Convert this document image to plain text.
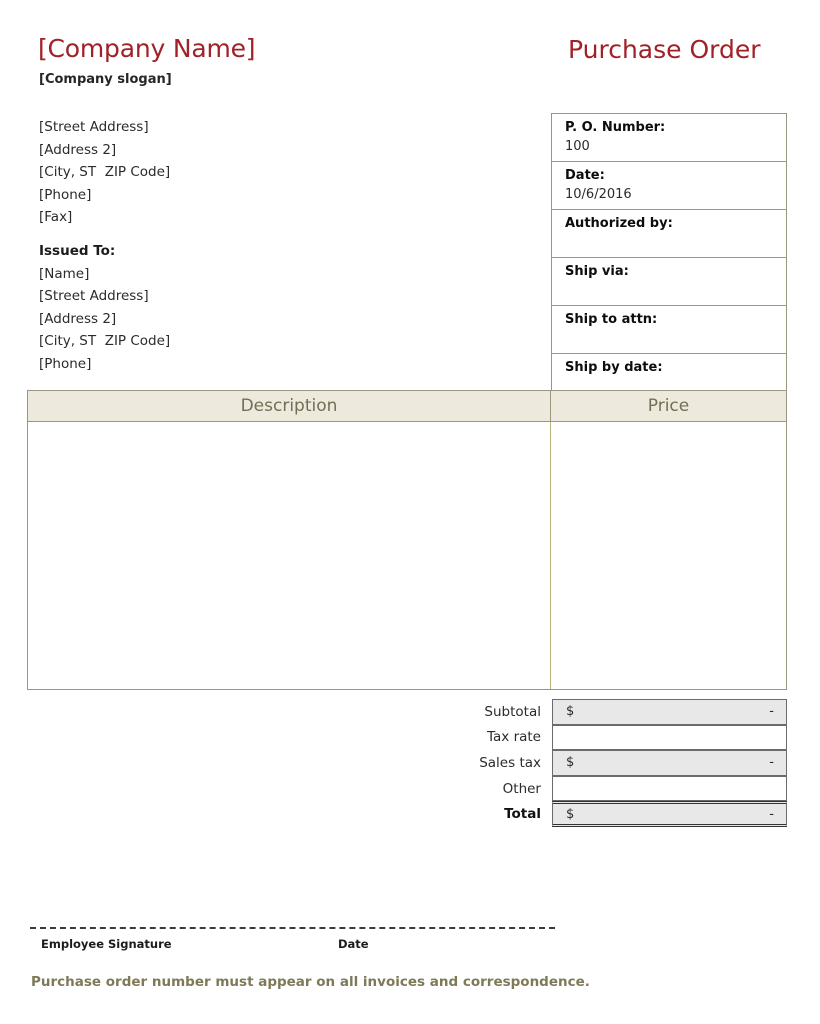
[Company Name]
[Company slogan]
Purchase Order
[Street Address]
[Address 2]
[City, ST  ZIP Code]
[Phone]
[Fax]
Issued To:
[Name]
[Street Address]
[Address 2]
[City, ST  ZIP Code]
[Phone]
P. O. Number:
100
Date:
10/6/2016
Authorized by:
Ship via:
Ship to attn:
Ship by date:
Description	Price
Subtotal	$	-
Tax rate
Sales tax	$	-
Other
Total	$	-
Employee Signature	Date
Purchase order number must appear on all invoices and correspondence.
